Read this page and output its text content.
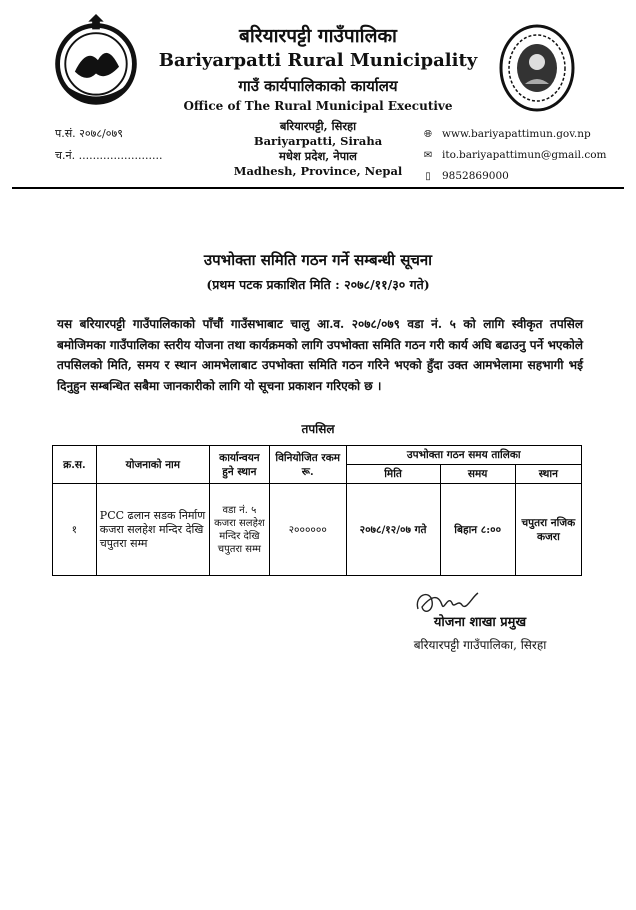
बरियारपट्टी गाउँपालिका
Bariyarpatti Rural Municipality
गाउँ कार्यपालिकाको कार्यालय
Office of The Rural Municipal Executive
बरियारपट्टी, सिरहा
Bariyarpatti, Siraha
मधेश प्रदेश, नेपाल
Madhesh, Province, Nepal
प.सं. २०७८/०७९
च.नं. ........................
🌐︎ www.bariyapattimun.gov.np
✉ ito.bariyapattimun@gmail.com
▯ 9852869000
उपभोक्ता समिति गठन गर्ने सम्बन्धी सूचना
(प्रथम पटक प्रकाशित मिति : २०७८/११/३० गते)
यस बरियारपट्टी गाउँपालिकाको पाँचौं गाउँसभाबाट चालु आ.व. २०७८/०७९ वडा नं. ५ को लागि स्वीकृत तपसिल बमोजिमका गाउँपालिका स्तरीय योजना तथा कार्यक्रमको लागि उपभोक्ता समिति गठन गरी कार्य अघि बढाउनु पर्ने भएकोले तपसिलको मिति, समय र स्थान आमभेलाबाट उपभोक्ता समिति गठन गरिने भएको हुँदा उक्त आमभेलामा सहभागी भई दिनुहुन सम्बन्धित सबैमा जानकारीको लागि यो सूचना प्रकाशन गरिएको छ ।
तपसिल
क्र.स.	योजनाको नाम	कार्यान्वयन हुने स्थान	विनियोजित रकम रू.	उपभोक्ता गठन समय तालिका		
				मिति	समय	स्थान
१	PCC ढलान सडक निर्माण कजरा सलहेश मन्दिर देखि चपुतरा सम्म	वडा नं. ५ कजरा सलहेश मन्दिर देखि चपुतरा सम्म	२००००००	२०७८/१२/०७ गते	बिहान ८:००	चपुतरा नजिक कजरा
योजना शाखा प्रमुख
बरियारपट्टी गाउँपालिका, सिरहा
